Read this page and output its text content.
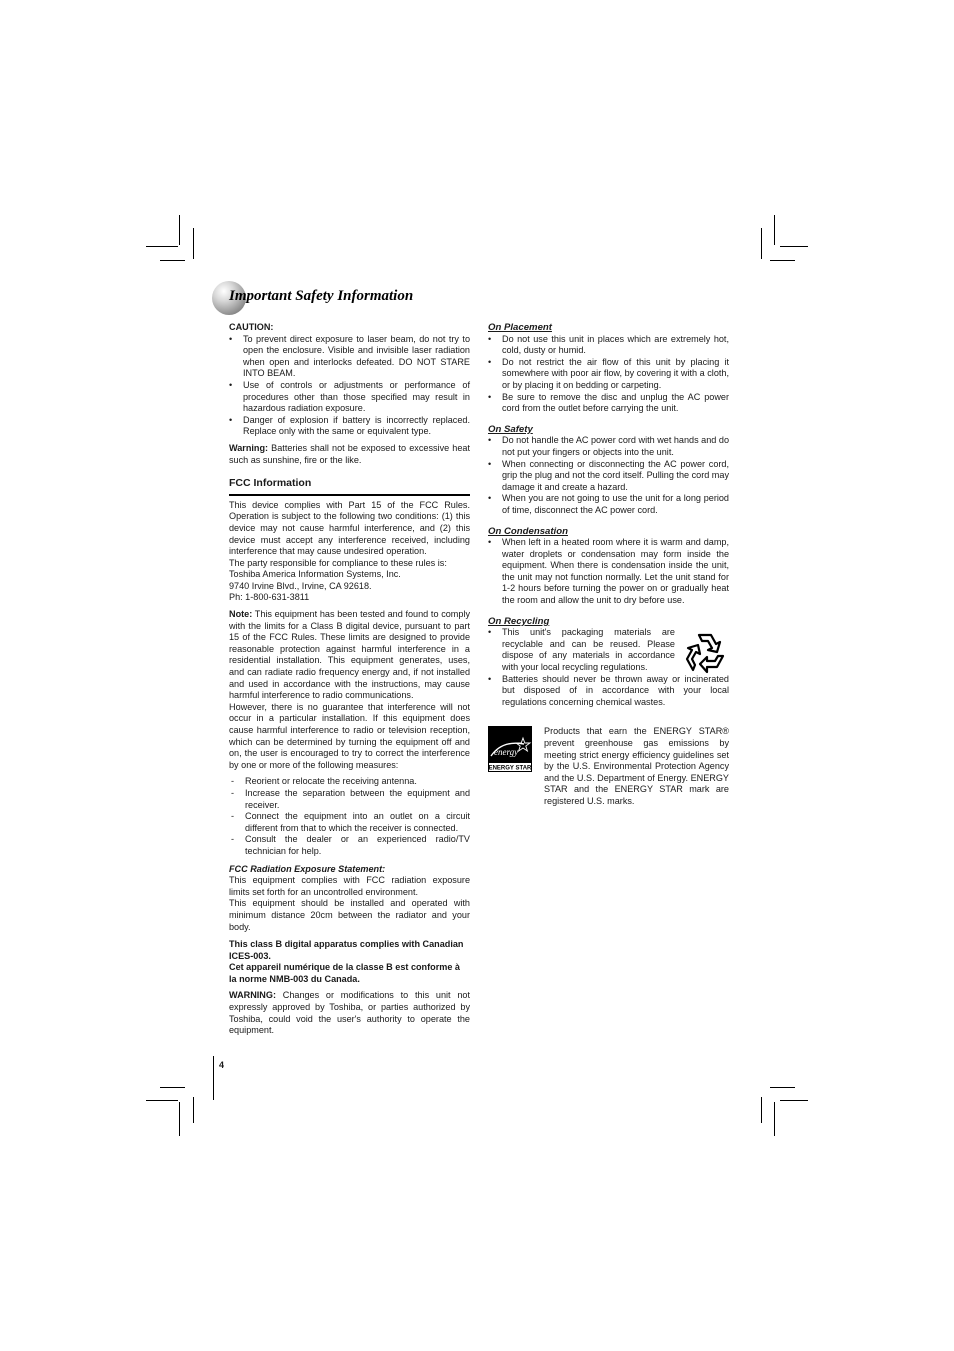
Important Safety Information

CAUTION:

• To prevent direct exposure to laser beam, do not try to open the enclosure. Visible and invisible laser radiation when open and interlocks defeated. DO NOT STARE INTO BEAM.
• Use of controls or adjustments or performance of procedures other than those specified may result in hazardous radiation exposure.
• Danger of explosion if battery is incorrectly replaced. Replace only with the same or equivalent type.

Warning: Batteries shall not be exposed to excessive heat such as sunshine, fire or the like.

FCC Information

This device complies with Part 15 of the FCC Rules. Operation is subject to the following two conditions: (1) this device may not cause harmful interference, and (2) this device must accept any interference received, including interference that may cause undesired operation.

The party responsible for compliance to these rules is:

Toshiba America Information Systems, Inc.

9740 Irvine Blvd., Irvine, CA 92618.

Ph: 1-800-631-3811

Note: This equipment has been tested and found to comply with the limits for a Class B digital device, pursuant to part 15 of the FCC Rules. These limits are designed to provide reasonable protection against harmful interference in a residential installation. This equipment generates, uses, and can radiate radio frequency energy and, if not installed and used in accordance with the instructions, may cause harmful interference to radio communications.

However, there is no guarantee that interference will not occur in a particular installation. If this equipment does cause harmful interference to radio or television reception, which can be determined by turning the equipment off and on, the user is encouraged to try to correct the interference by one or more of the following measures:

- Reorient or relocate the receiving antenna.
- Increase the separation between the equipment and receiver.
- Connect the equipment into an outlet on a circuit different from that to which the receiver is connected.
- Consult the dealer or an experienced radio/TV technician for help.

FCC Radiation Exposure Statement:

This equipment complies with FCC radiation exposure limits set forth for an uncontrolled environment.

This equipment should be installed and operated with minimum distance 20cm between the radiator and your body.

This class B digital apparatus complies with Canadian ICES-003.

Cet appareil numérique de la classe B est conforme à la norme NMB-003 du Canada.

WARNING: Changes or modifications to this unit not expressly approved by Toshiba, or parties authorized by Toshiba, could void the user's authority to operate the equipment.

On Placement

• Do not use this unit in places which are extremely hot, cold, dusty or humid.
• Do not restrict the air flow of this unit by placing it somewhere with poor air flow, by covering it with a cloth, or by placing it on bedding or carpeting.
• Be sure to remove the disc and unplug the AC power cord from the outlet before carrying the unit.

On Safety

• Do not handle the AC power cord with wet hands and do not put your fingers or objects into the unit.
• When connecting or disconnecting the AC power cord, grip the plug and not the cord itself. Pulling the cord may damage it and create a hazard.
• When you are not going to use the unit for a long period of time, disconnect the AC power cord.

On Condensation

• When left in a heated room where it is warm and damp, water droplets or condensation may form inside the equipment. When there is condensation inside the unit, the unit may not function normally. Let the unit stand for 1-2 hours before turning the power on or gradually heat the room and allow the unit to dry before use.

On Recycling

• This unit's packaging materials are recyclable and can be reused. Please dispose of any materials in accordance with your local recycling regulations.
• Batteries should never be thrown away or incinerated but disposed of in accordance with your local regulations concerning chemical wastes.
energy
ENERGY STAR

Products that earn the ENERGY STAR® prevent greenhouse gas emissions by meeting strict energy efficiency guidelines set by the U.S. Environmental Protection Agency and the U.S. Department of Energy. ENERGY STAR and the ENERGY STAR mark are registered U.S. marks.

4
